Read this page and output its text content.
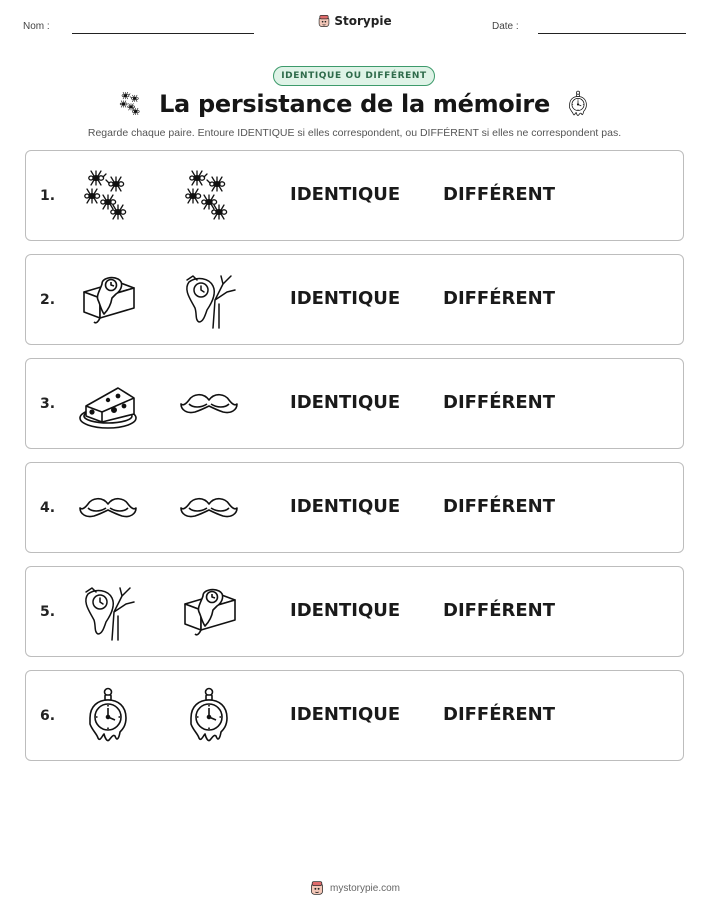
Nom :	Storypie	Date :
IDENTIQUE OU DIFFÉRENT
La persistance de la mémoire
Regarde chaque paire. Entoure IDENTIQUE si elles correspondent, ou DIFFÉRENT si elles ne correspondent pas.
1.	IDENTIQUE DIFFÉRENT
2.	IDENTIQUE DIFFÉRENT
3.	IDENTIQUE DIFFÉRENT
4.	IDENTIQUE DIFFÉRENT
5.	IDENTIQUE DIFFÉRENT
6.	IDENTIQUE DIFFÉRENT
mystorypie.com
